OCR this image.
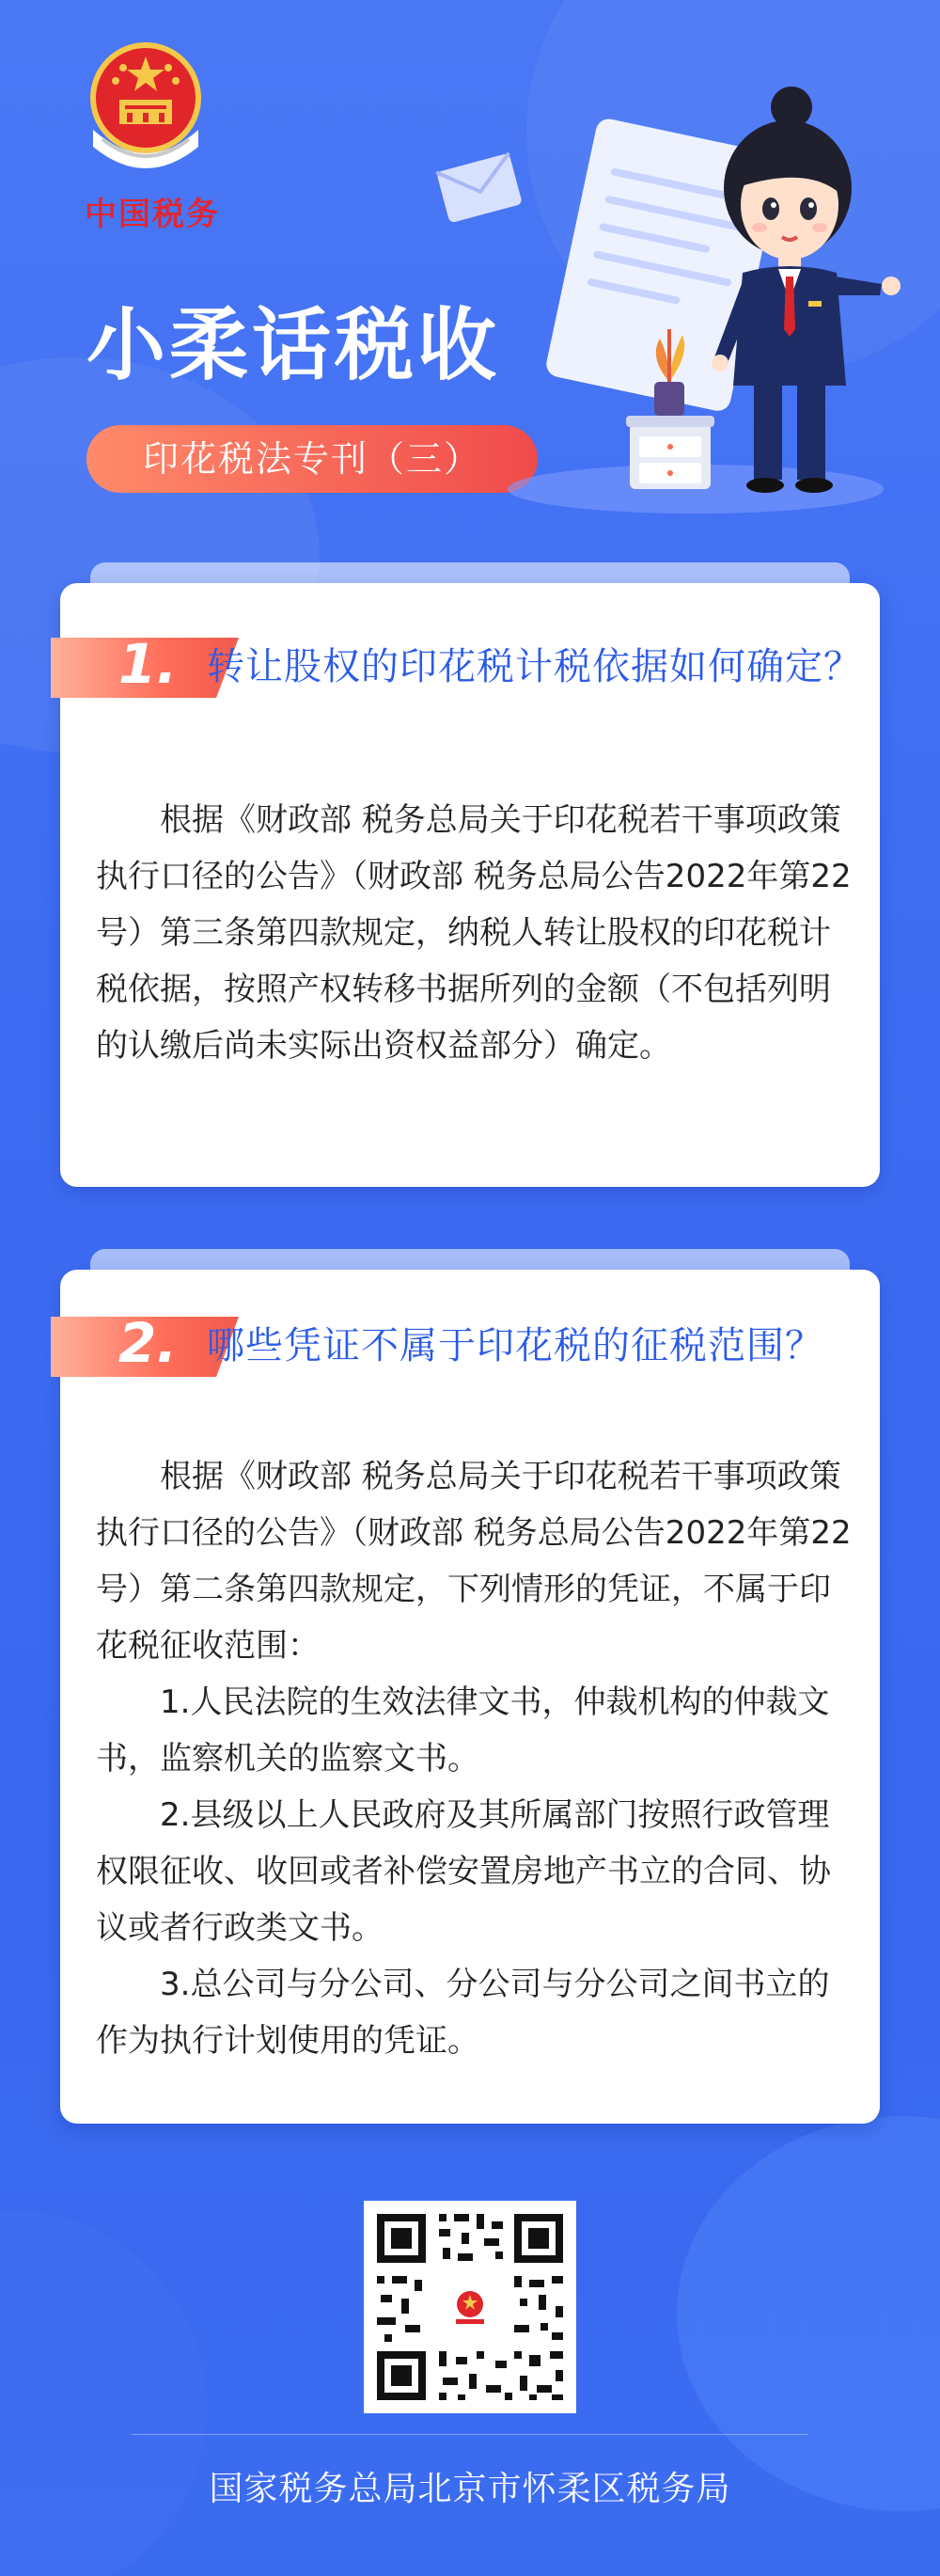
中国税务
小柔话税收
印花税法专刊（三）
1. 转让股权的印花税计税依据如何确定？

根据《财政部 税务总局关于印花税若干事项政策执行口径的公告》（财政部 税务总局公告2022年第22号）第三条第四款规定，纳税人转让股权的印花税计税依据，按照产权转移书据所列的金额（不包括列明的认缴后尚未实际出资权益部分）确定。

2. 哪些凭证不属于印花税的征税范围？

根据《财政部 税务总局关于印花税若干事项政策执行口径的公告》（财政部 税务总局公告2022年第22号）第二条第四款规定，下列情形的凭证，不属于印花税征收范围：

1.人民法院的生效法律文书，仲裁机构的仲裁文书，监察机关的监察文书。

2.县级以上人民政府及其所属部门按照行政管理权限征收、收回或者补偿安置房地产书立的合同、协议或者行政类文书。

3.总公司与分公司、分公司与分公司之间书立的作为执行计划使用的凭证。

国家税务总局北京市怀柔区税务局
